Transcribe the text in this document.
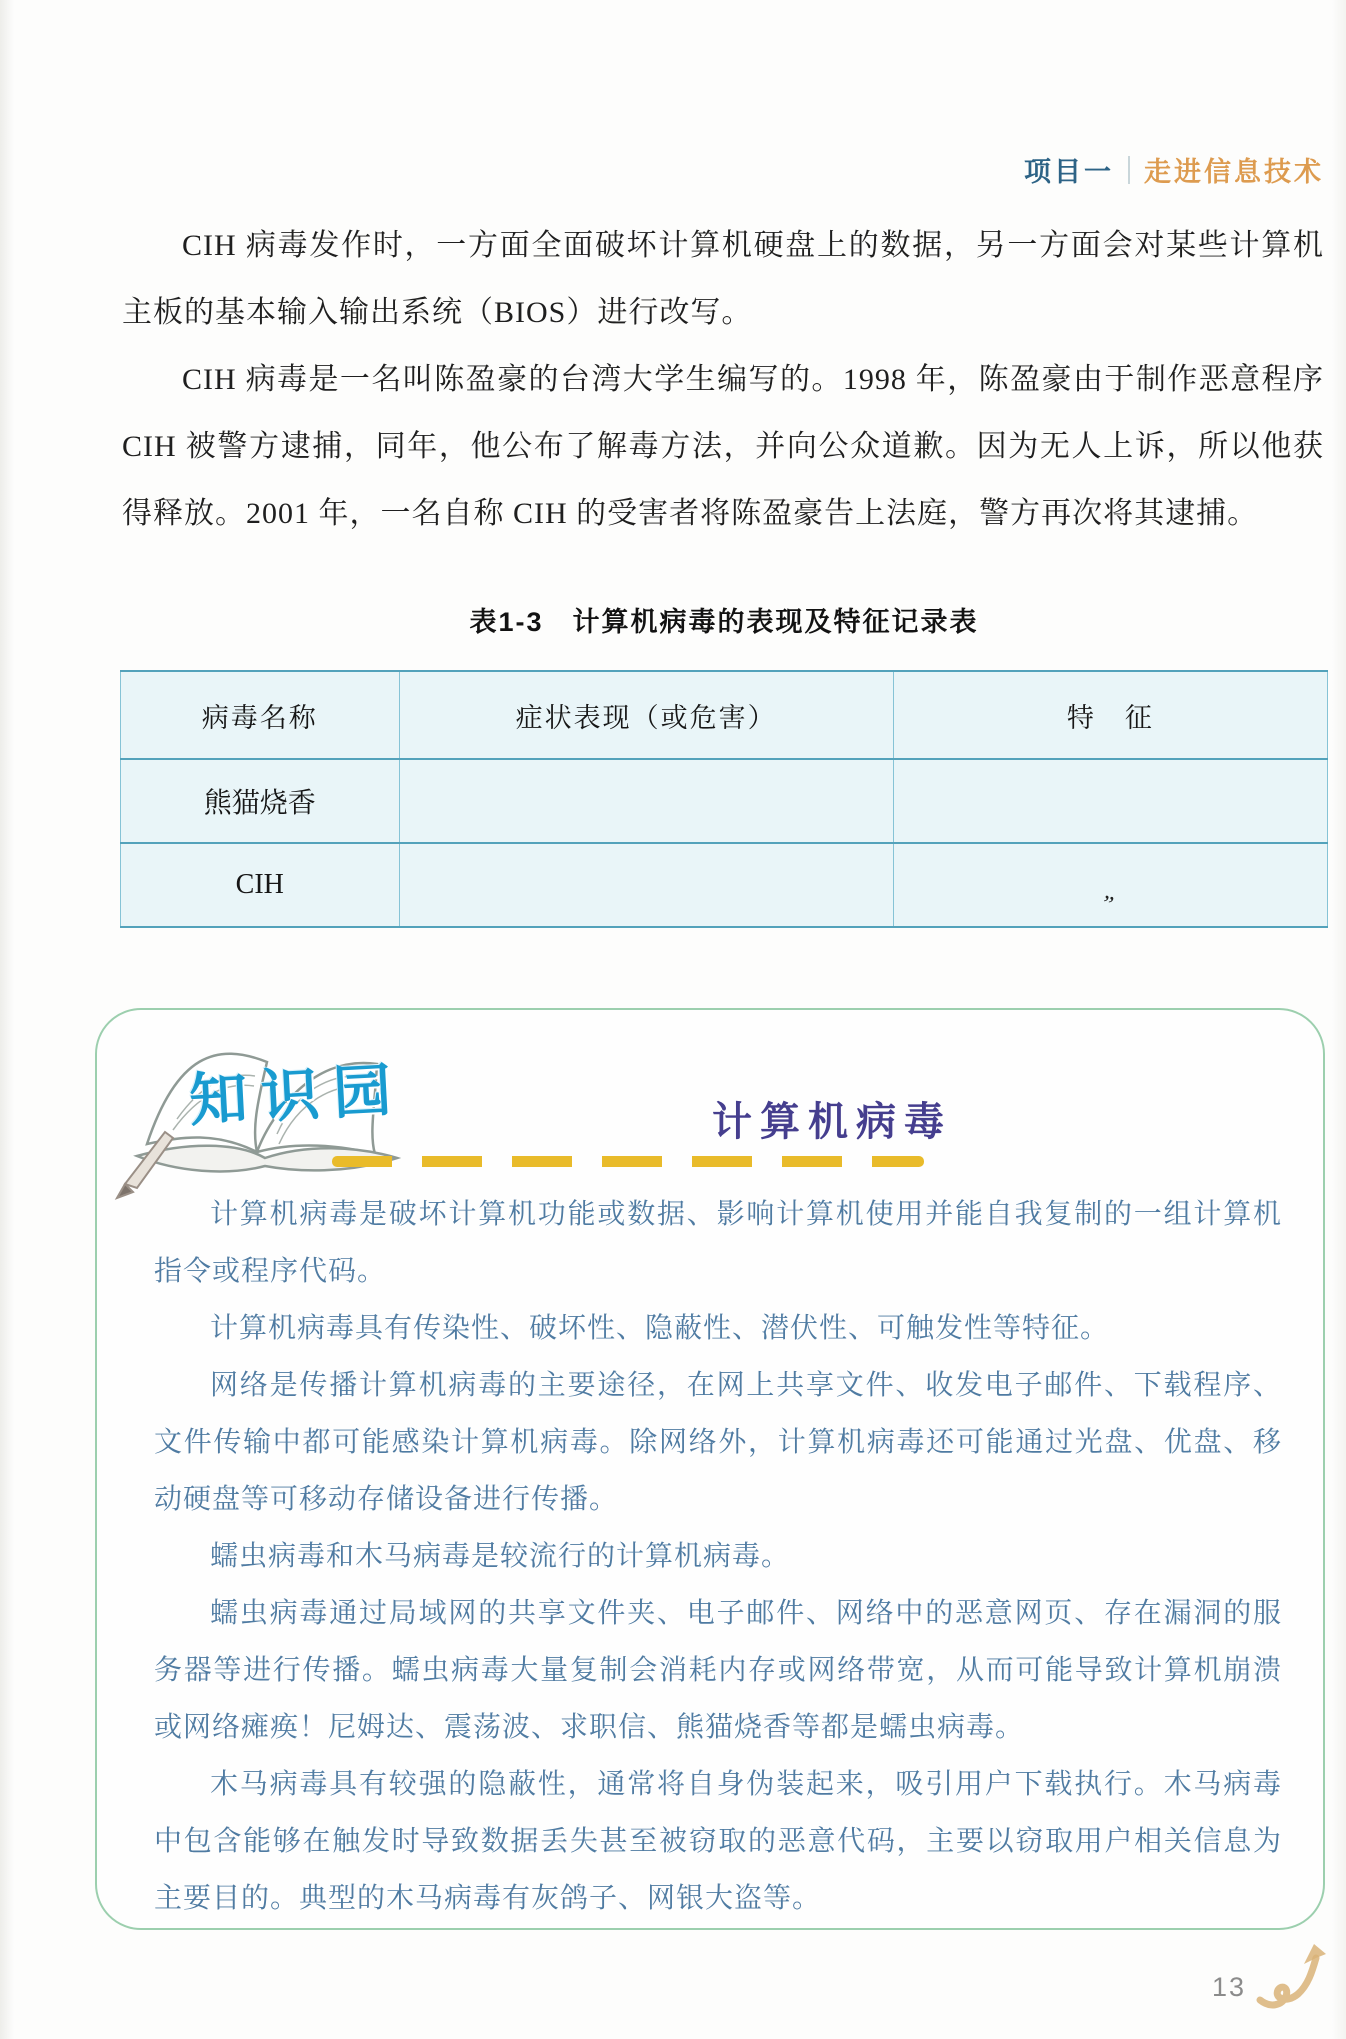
项目一 走进信息技术

CIH 病毒发作时，一方面全面破坏计算机硬盘上的数据，另一方面会对某些计算机主板的基本输入输出系统（BIOS）进行改写。

CIH 病毒是一名叫陈盈豪的台湾大学生编写的。1998 年，陈盈豪由于制作恶意程序 CIH 被警方逮捕，同年，他公布了解毒方法，并向公众道歉。因为无人上诉，所以他获得释放。2001 年，一名自称 CIH 的受害者将陈盈豪告上法庭，警方再次将其逮捕。

表1-3　计算机病毒的表现及特征记录表
病毒名称	症状表现（或危害）	特　征
熊猫烧香		
CIH		”
知识园	计算机病毒

计算机病毒是破坏计算机功能或数据、影响计算机使用并能自我复制的一组计算机指令或程序代码。

计算机病毒具有传染性、破坏性、隐蔽性、潜伏性、可触发性等特征。

网络是传播计算机病毒的主要途径，在网上共享文件、收发电子邮件、下载程序、文件传输中都可能感染计算机病毒。除网络外，计算机病毒还可能通过光盘、优盘、移动硬盘等可移动存储设备进行传播。

蠕虫病毒和木马病毒是较流行的计算机病毒。

蠕虫病毒通过局域网的共享文件夹、电子邮件、网络中的恶意网页、存在漏洞的服务器等进行传播。蠕虫病毒大量复制会消耗内存或网络带宽，从而可能导致计算机崩溃或网络瘫痪！尼姆达、震荡波、求职信、熊猫烧香等都是蠕虫病毒。

木马病毒具有较强的隐蔽性，通常将自身伪装起来，吸引用户下载执行。木马病毒中包含能够在触发时导致数据丢失甚至被窃取的恶意代码，主要以窃取用户相关信息为主要目的。典型的木马病毒有灰鸽子、网银大盗等。

13
